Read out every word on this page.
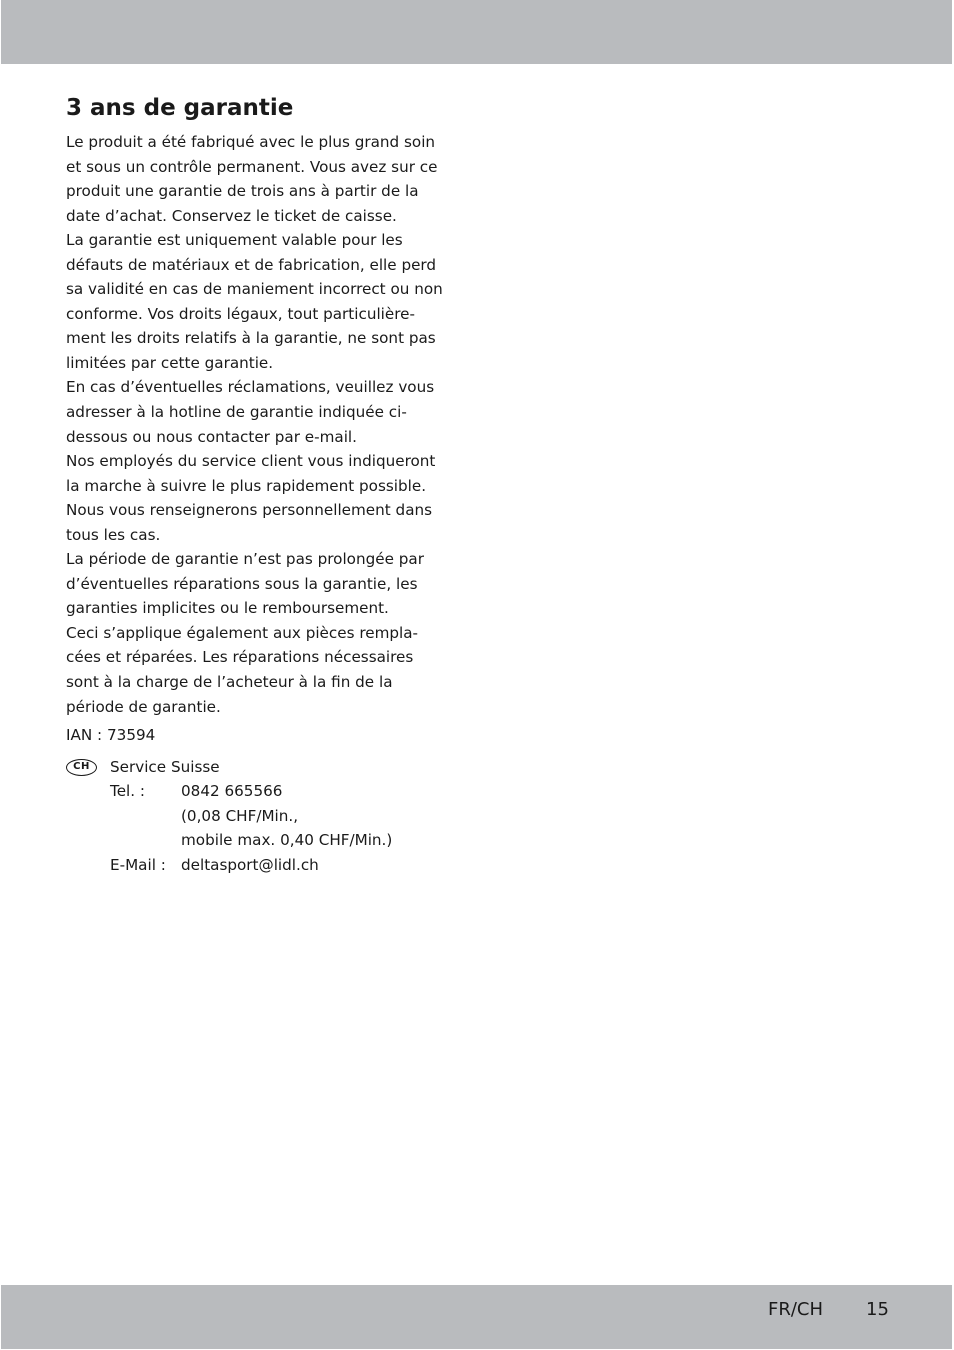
3 ans de garantie
Le produit a été fabriqué avec le plus grand soin
et sous un contrôle permanent. Vous avez sur ce
produit une garantie de trois ans à partir de la
date d’achat. Conservez le ticket de caisse.
La garantie est uniquement valable pour les
défauts de matériaux et de fabrication, elle perd
sa validité en cas de maniement incorrect ou non
conforme. Vos droits légaux, tout particulière-
ment les droits relatifs à la garantie, ne sont pas
limitées par cette garantie.
En cas d’éventuelles réclamations, veuillez vous
adresser à la hotline de garantie indiquée ci-
dessous ou nous contacter par e-mail.
Nos employés du service client vous indiqueront
la marche à suivre le plus rapidement possible.
Nous vous renseignerons personnellement dans
tous les cas.
La période de garantie n’est pas prolongée par
d’éventuelles réparations sous la garantie, les
garanties implicites ou le remboursement.
Ceci s’applique également aux pièces rempla-
cées et réparées. Les réparations nécessaires
sont à la charge de l’acheteur à la fin de la
période de garantie.
IAN : 73594
CH	Service Suisse
Tel. : 0842 665566
(0,08 CHF/Min.,
mobile max. 0,40 CHF/Min.)
E-Mail : deltasport@lidl.ch
FR/CH 15
